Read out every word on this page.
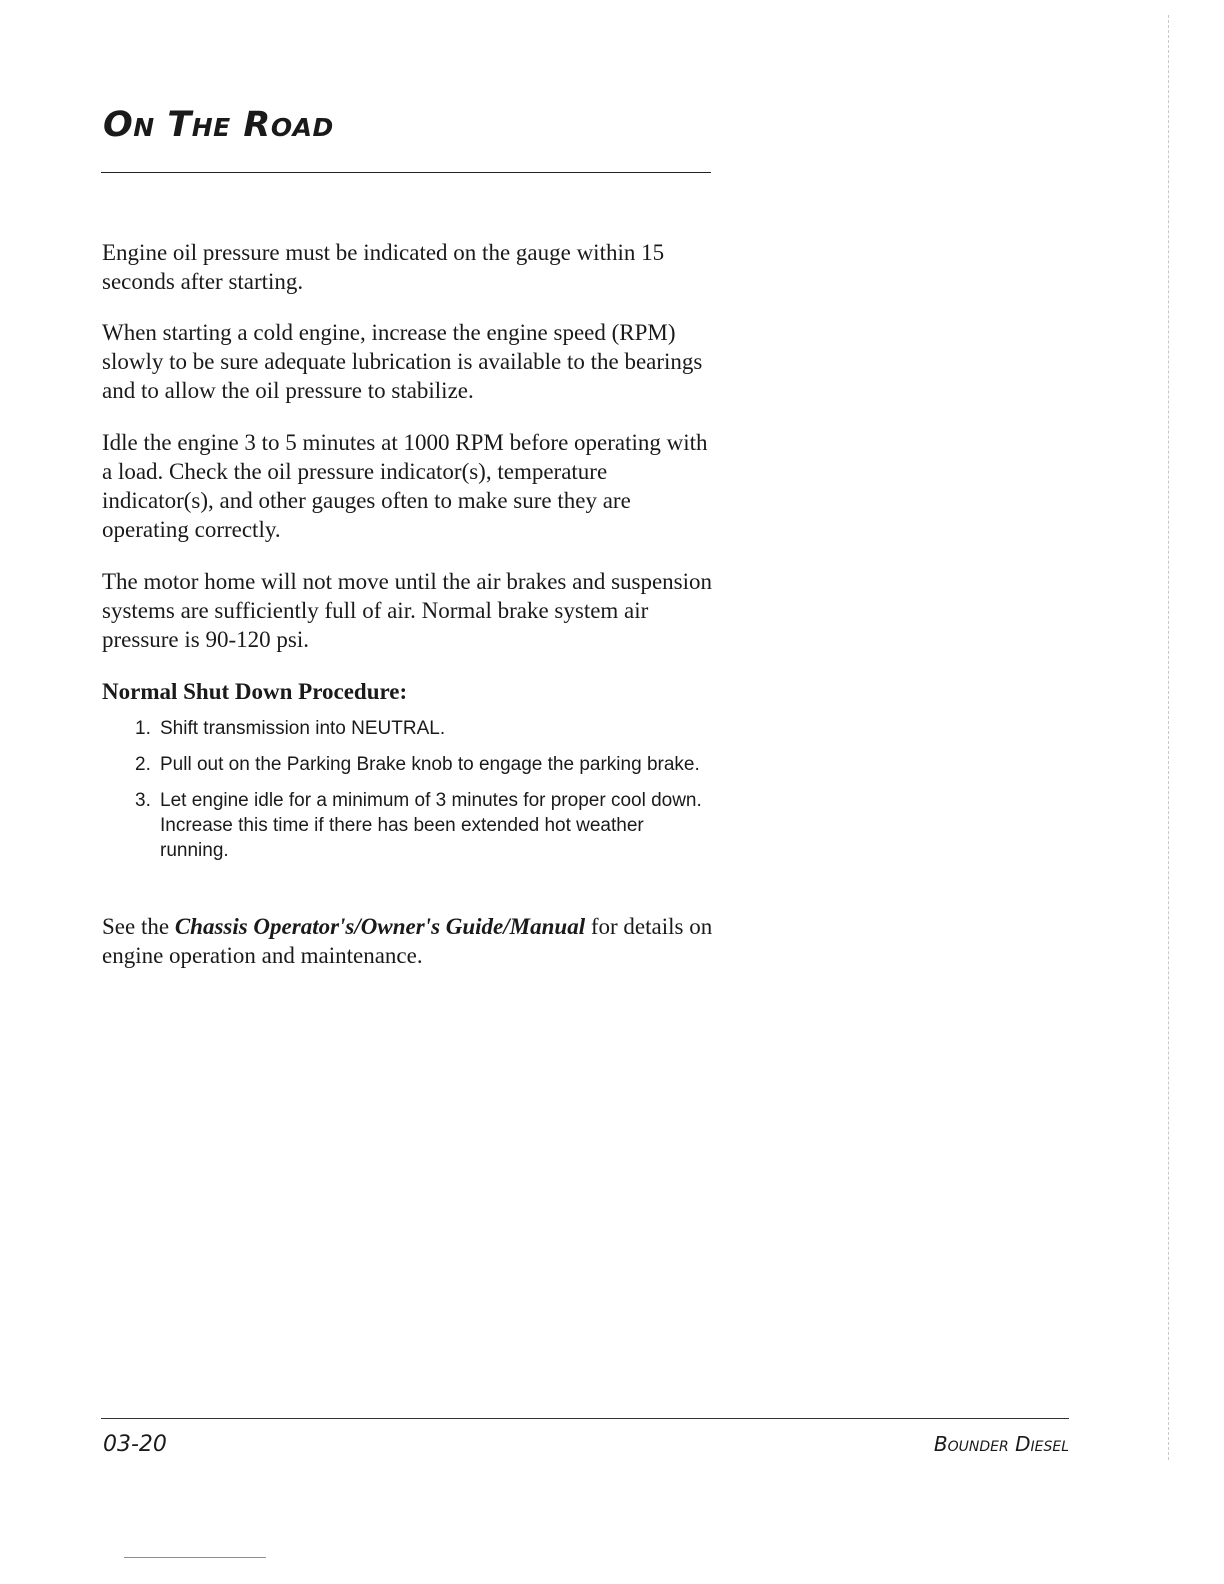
On The Road

Engine oil pressure must be indicated on the gauge within 15 seconds after starting.

When starting a cold engine, increase the engine speed (RPM) slowly to be sure adequate lubrication is available to the bearings and to allow the oil pressure to stabilize.

Idle the engine 3 to 5 minutes at 1000 RPM before operating with a load. Check the oil pressure indicator(s), temperature indicator(s), and other gauges often to make sure they are operating correctly.

The motor home will not move until the air brakes and suspension systems are sufficiently full of air. Normal brake system air pressure is 90-120 psi.

Normal Shut Down Procedure:
1. Shift transmission into NEUTRAL.
2. Pull out on the Parking Brake knob to engage the parking brake.
3. Let engine idle for a minimum of 3 minutes for proper cool down. Increase this time if there has been extended hot weather running.

See the Chassis Operator's/Owner's Guide/Manual for details on engine operation and maintenance.

03-20	Bounder Diesel
